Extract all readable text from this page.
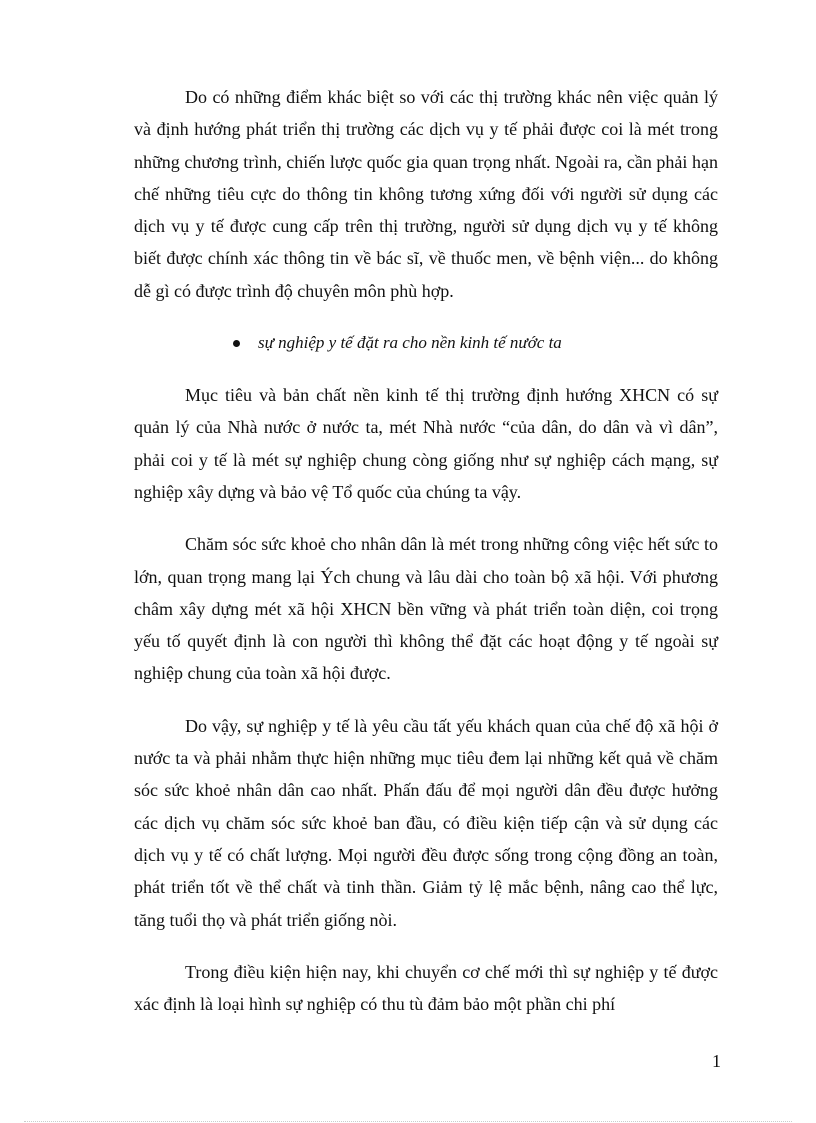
Do có những điểm khác biệt so với các thị trường khác nên việc quản lý và định hướng phát triển thị trường các dịch vụ y tế phải được coi là mét trong những chương trình, chiến lược quốc gia quan trọng nhất. Ngoài ra, cần phải hạn chế những tiêu cực do thông tin không tương xứng đối với người sử dụng các dịch vụ y tế được cung cấp trên thị trường, người sử dụng dịch vụ y tế không biết được chính xác thông tin về bác sĩ, về thuốc men, về bệnh viện... do không dễ gì có được trình độ chuyên môn phù hợp.

sự nghiệp y tế đặt ra cho nền kinh tế nước ta

Mục tiêu và bản chất nền kinh tế thị trường định hướng XHCN có sự quản lý của Nhà nước ở nước ta, mét Nhà nước “của dân, do dân và vì dân”, phải coi y tế là mét sự nghiệp chung còng giống như sự nghiệp cách mạng, sự nghiệp xây dựng và bảo vệ Tổ quốc của chúng ta vậy.

Chăm sóc sức khoẻ cho nhân dân là mét trong những công việc hết sức to lớn, quan trọng mang lại Ých chung và lâu dài cho toàn bộ xã hội. Với phương châm xây dựng mét xã hội XHCN bền vững và phát triển toàn diện, coi trọng yếu tố quyết định là con người thì không thể đặt các hoạt động y tế ngoài sự nghiệp chung của toàn xã hội được.

Do vậy, sự nghiệp y tế là yêu cầu tất yếu khách quan của chế độ xã hội ở nước ta và phải nhằm thực hiện những mục tiêu đem lại những kết quả về chăm sóc sức khoẻ nhân dân cao nhất. Phấn đấu để mọi người dân đều được hưởng các dịch vụ chăm sóc sức khoẻ ban đầu, có điều kiện tiếp cận và sử dụng các dịch vụ y tế có chất lượng. Mọi người đều được sống trong cộng đồng an toàn, phát triển tốt về thể chất và tinh thần. Giảm tỷ lệ mắc bệnh, nâng cao thể lực, tăng tuổi thọ và phát triển giống nòi.

Trong điều kiện hiện nay, khi chuyển cơ chế mới thì sự nghiệp y tế được xác định là loại hình sự nghiệp có thu tù đảm bảo một phần chi phí

1
